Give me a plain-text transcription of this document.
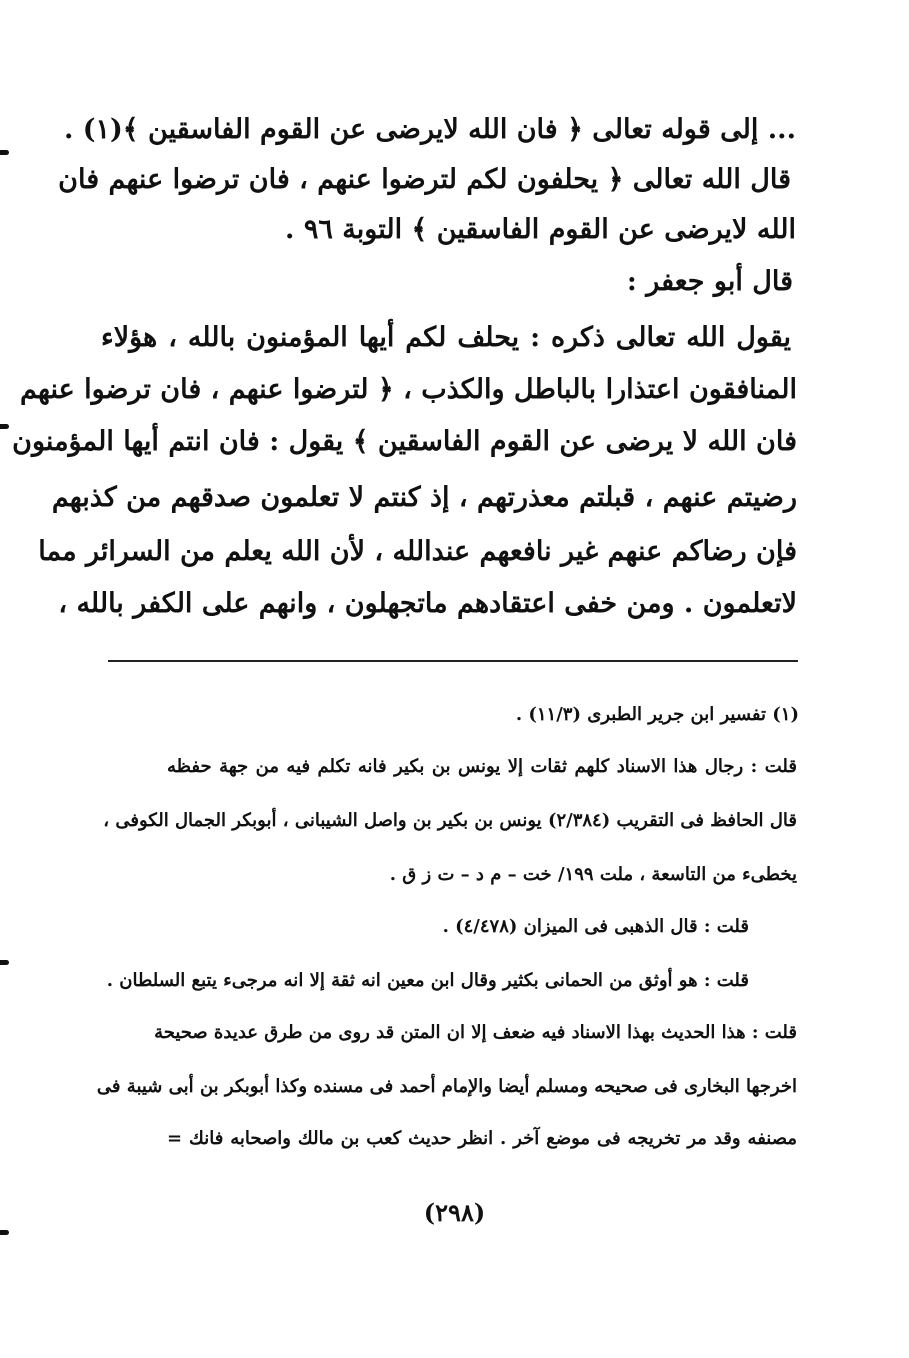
... إلى قوله تعالى ﴿ فان الله لايرضى عن القوم الفاسقين ﴾(١) .
قال الله تعالى ﴿ يحلفون لكم لترضوا عنهم ، فان ترضوا عنهم فان
الله لايرضى عن القوم الفاسقين ﴾ التوبة ٩٦ .
قال أبو جعفر :
يقول الله تعالى ذكره : يحلف لكم أيها المؤمنون بالله ، هؤلاء
المنافقون اعتذارا بالباطل والكذب ، ﴿ لترضوا عنهم ، فان ترضوا عنهم
فان الله لا يرضى عن القوم الفاسقين ﴾ يقول : فان انتم أيها المؤمنون
رضيتم عنهم ، قبلتم معذرتهم ، إذ كنتم لا تعلمون صدقهم من كذبهم
فإن رضاكم عنهم غير نافعهم عندالله ، لأن الله يعلم من السرائر مما
لاتعلمون . ومن خفى اعتقادهم ماتجهلون ، وانهم على الكفر بالله ،
(١) تفسير ابن جرير الطبرى (١١/٣) .
قلت : رجال هذا الاسناد كلهم ثقات إلا يونس بن بكير فانه تكلم فيه من جهة حفظه
قال الحافظ فى التقريب (٢/٣٨٤) يونس بن بكير بن واصل الشيبانى ، أبوبكر الجمال الكوفى ،
يخطىء من التاسعة ، ملت ١٩٩/ خت – م د – ت ز ق .
قلت : قال الذهبى فى الميزان (٤/٤٧٨) .
قلت : هو أوثق من الحمانى بكثير وقال ابن معين انه ثقة إلا انه مرجىء يتبع السلطان .
قلت : هذا الحديث بهذا الاسناد فيه ضعف إلا ان المتن قد روى من طرق عديدة صحيحة
اخرجها البخارى فى صحيحه ومسلم أيضا والإمام أحمد فى مسنده وكذا أبوبكر بن أبى شيبة فى
مصنفه وقد مر تخريجه فى موضع آخر . انظر حديث كعب بن مالك واصحابه فانك =
(٢٩٨)
